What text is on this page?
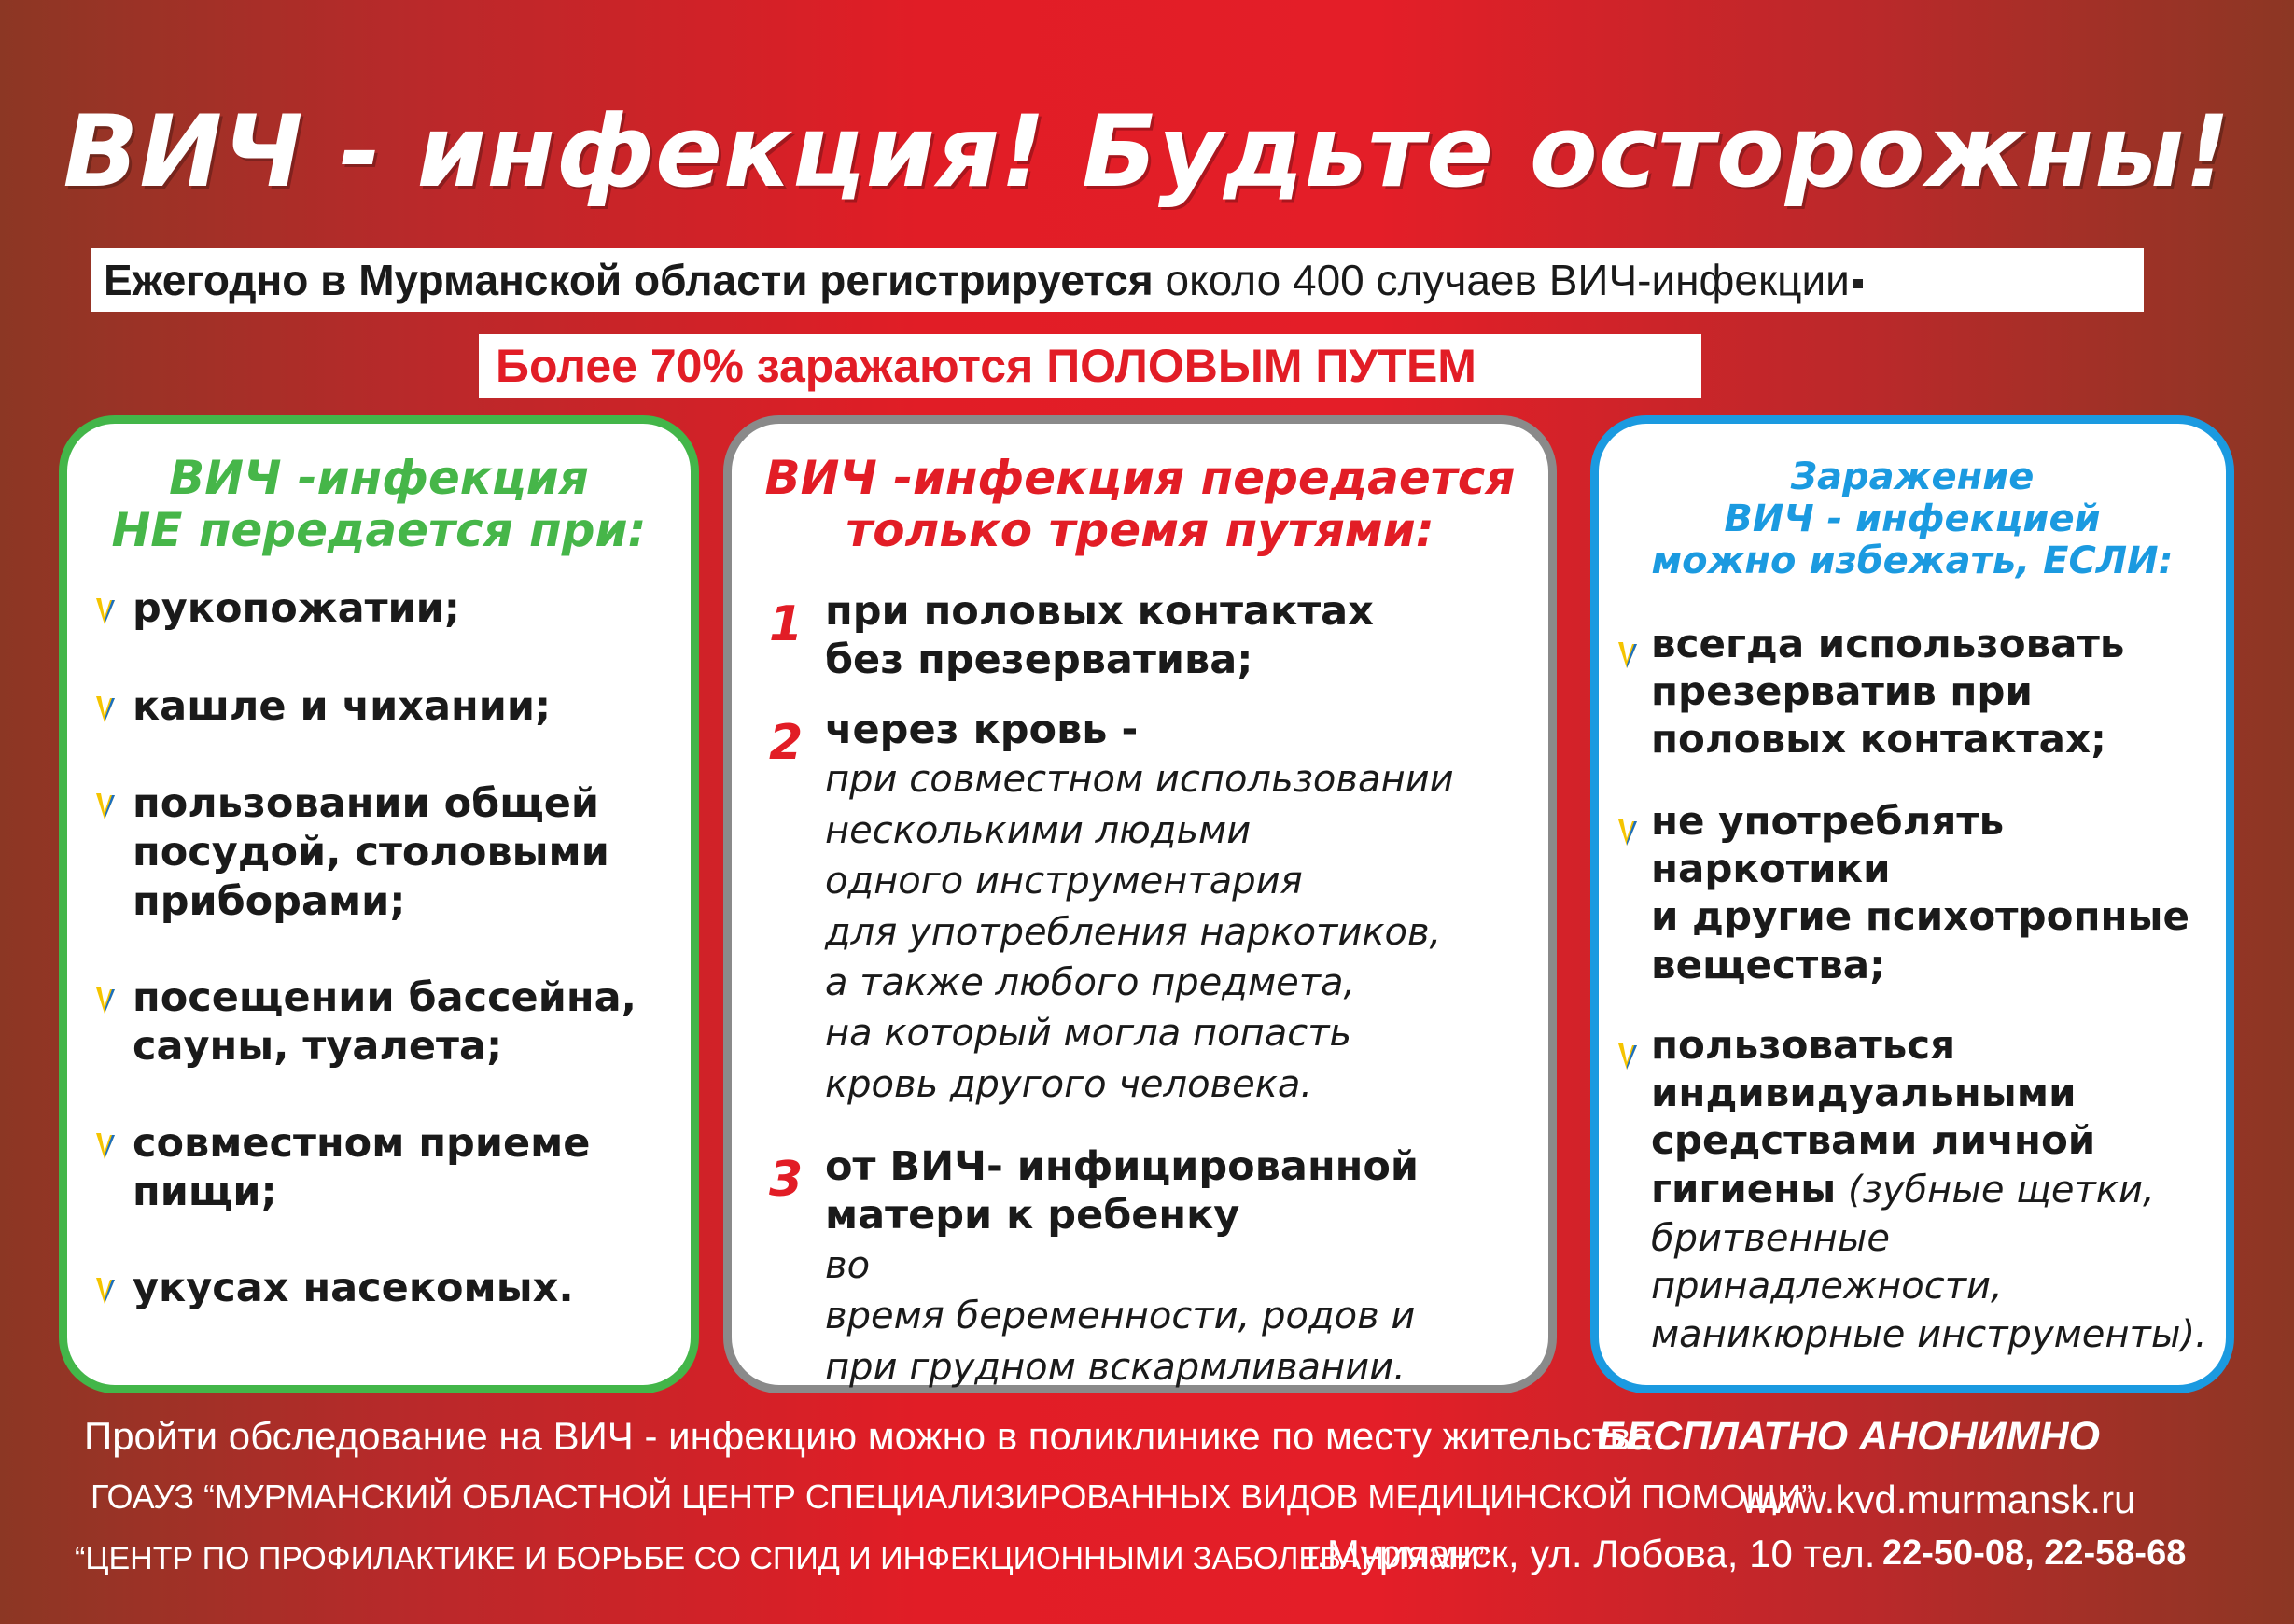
ВИЧ - инфекция! Будьте осторожны!
Ежегодно в Мурманской области регистрируется около 400 случаев ВИЧ-инфекции
Более 70% заражаются ПОЛОВЫМ ПУТЕМ
ВИЧ -инфекция
НЕ передается при:
рукопожатии;
кашле и чихании;
пользовании общей
посудой, столовыми
приборами;
посещении бассейна,
сауны, туалета;
совместном приеме
пищи;
укусах насекомых.
ВИЧ -инфекция передается
только тремя путями:
1 при половых контактах
без презерватива;
2 через кровь -
при совместном использовании
несколькими людьми
одного инструментария
для употребления наркотиков,
а также любого предмета,
на который могла попасть
кровь другого человека.
3 от ВИЧ- инфицированной
матери к ребенку
во
время беременности, родов и
при грудном вскармливании.
Заражение
ВИЧ - инфекцией
можно избежать, ЕСЛИ:
всегда использовать
презерватив при
половых контактах;
не употреблять
наркотики
и другие психотропные
вещества;
пользоваться
индивидуальными
средствами личной
гигиены (зубные щетки,
бритвенные
принадлежности,
маникюрные инструменты).
Пройти обследование на ВИЧ - инфекцию можно в поликлинике по месту жительства
БЕСПЛАТНО АНОНИМНО
ГОАУЗ “МУРМАНСКИЙ ОБЛАСТНОЙ ЦЕНТР СПЕЦИАЛИЗИРОВАННЫХ ВИДОВ МЕДИЦИНСКОЙ ПОМОЩИ”
www.kvd.murmansk.ru
“ЦЕНТР ПО ПРОФИЛАКТИКЕ И БОРЬБЕ СО СПИД И ИНФЕКЦИОННЫМИ ЗАБОЛЕВАНИЯМИ”
г.Мурманск, ул. Лобова, 10 тел. 22-50-08, 22-58-68
